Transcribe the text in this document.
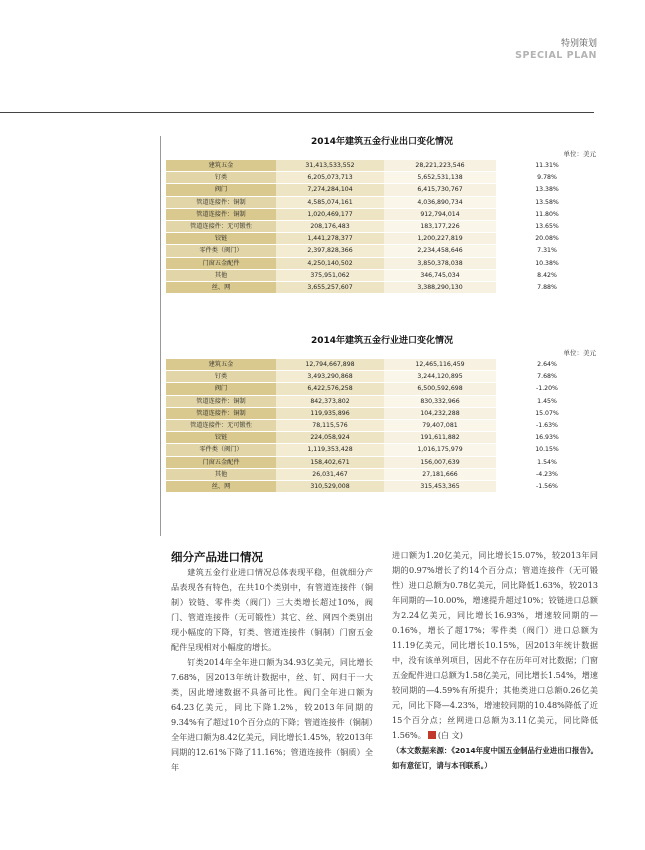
特别策划
SPECIAL PLAN
2014年建筑五金行业出口变化情况
单位：美元
建筑五金	31,413,533,552	28,221,223,546	11.31%
钉类	6,205,073,713	5,652,531,138	9.78%
阀门	7,274,284,104	6,415,730,767	13.38%
管道连接件：铜制	4,585,074,161	4,036,890,734	13.58%
管道连接件：铜制	1,020,469,177	912,794,014	11.80%
管道连接件：无可锻性	208,176,483	183,177,226	13.65%
铰链	1,441,278,377	1,200,227,819	20.08%
零件类（阀门）	2,397,828,366	2,234,458,646	7.31%
门窗五金配件	4,250,140,502	3,850,378,038	10.38%
其他	375,951,062	346,745,034	8.42%
丝、网	3,655,257,607	3,388,290,130	7.88%
2014年建筑五金行业进口变化情况
单位：美元
建筑五金	12,794,667,898	12,465,116,459	2.64%
钉类	3,493,290,868	3,244,120,895	7.68%
阀门	6,422,576,258	6,500,592,698	-1.20%
管道连接件：铜制	842,373,802	830,332,966	1.45%
管道连接件：铜制	119,935,896	104,232,288	15.07%
管道连接件：无可锻性	78,115,576	79,407,081	-1.63%
铰链	224,058,924	191,611,882	16.93%
零件类（阀门）	1,119,353,428	1,016,175,979	10.15%
门窗五金配件	158,402,671	156,007,639	1.54%
其他	26,031,467	27,181,666	-4.23%
丝、网	310,529,008	315,453,365	-1.56%
细分产品进口情况

建筑五金行业进口情况总体表现平稳，但就细分产品表现各有特色，在共10个类别中，有管道连接件（铜制）铰链、零件类（阀门）三大类增长超过10%，阀门、管道连接件（无可锻性）其它、丝、网四个类别出现小幅度的下降，钉类、管道连接件（铜制）门窗五金配件呈现相对小幅度的增长。

钉类2014年全年进口额为34.93亿美元，同比增长7.68%，因2013年统计数据中，丝、钉、网归于一大类，因此增速数据不具备可比性。阀门全年进口额为64.23亿美元，同比下降1.2%，较2013年同期的9.34%有了超过10个百分点的下降；管道连接件（铜制）全年进口额为8.42亿美元，同比增长1.45%，较2013年同期的12.61%下降了11.16%；管道连接件（铜质）全年

进口额为1.20亿美元，同比增长15.07%，较2013年同期的0.97%增长了约14个百分点；管道连接件（无可锻性）进口总额为0.78亿美元，同比降低1.63%，较2013年同期的—10.00%，增速提升超过10%；铰链进口总额为2.24亿美元，同比增长16.93%，增速较同期的—0.16%，增长了超17%；零件类（阀门）进口总额为11.19亿美元，同比增长10.15%，因2013年统计数据中，没有该单列项目，因此不存在历年可对比数据；门窗五金配件进口总额为1.58亿美元，同比增长1.54%，增速较同期的—4.59%有所提升；其他类进口总额0.26亿美元，同比下降—4.23%，增速较同期的10.48%降低了近15个百分点；丝网进口总额为3.11亿美元，同比降低1.56%。 (白 文)

（本文数据来源：《2014年度中国五金制品行业进出口报告》。如有意征订，请与本刊联系。）
